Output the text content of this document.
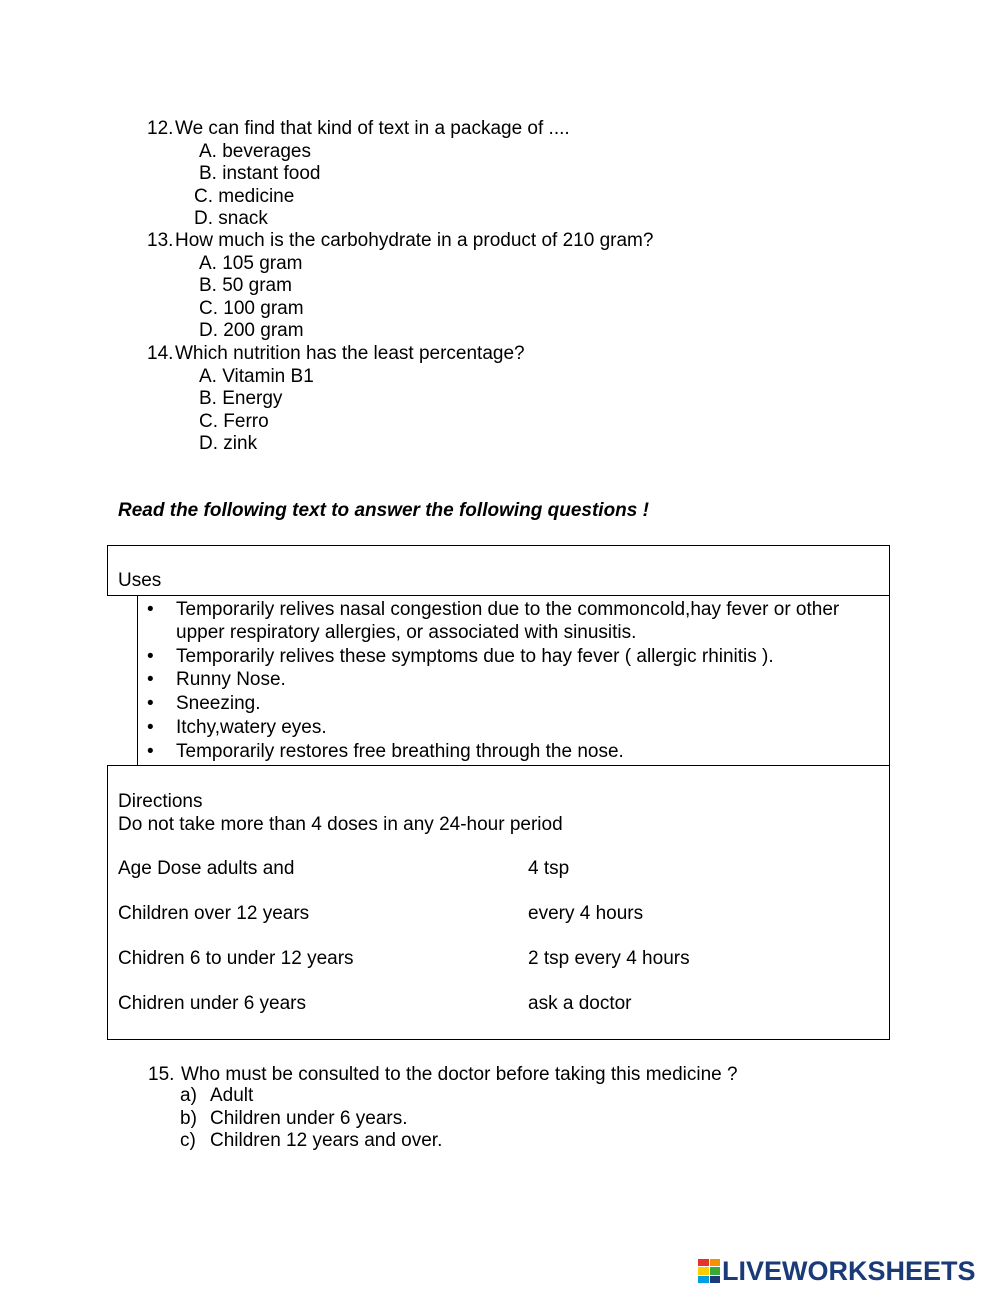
12.We can find that kind of text in a package of ....
A. beverages
B. instant food
C. medicine
D. snack
13.How much is the carbohydrate in a product of 210 gram?
A. 105 gram
B. 50 gram
C. 100 gram
D. 200 gram
14.Which nutrition has the least percentage?
A. Vitamin B1
B. Energy
C. Ferro
D. zink
Read the following text to answer the following questions !
Uses
• Temporarily relives nasal congestion due to the commoncold,hay fever or other
upper respiratory allergies, or associated with sinusitis.
• Temporarily relives these symptoms due to hay fever ( allergic rhinitis ).
• Runny Nose.
• Sneezing.
• Itchy,watery eyes.
• Temporarily restores free breathing through the nose.
Directions
Do not take more than 4 doses in any 24-hour period
Age Dose adults and	4 tsp
Children over 12 years	every 4 hours
Chidren 6 to under 12 years	2 tsp every 4 hours
Chidren under 6 years	ask a doctor
15. Who must be consulted to the doctor before taking this medicine ?
a) Adult
b) Children under 6 years.
c) Children 12 years and over.
LIVEWORKSHEETS
